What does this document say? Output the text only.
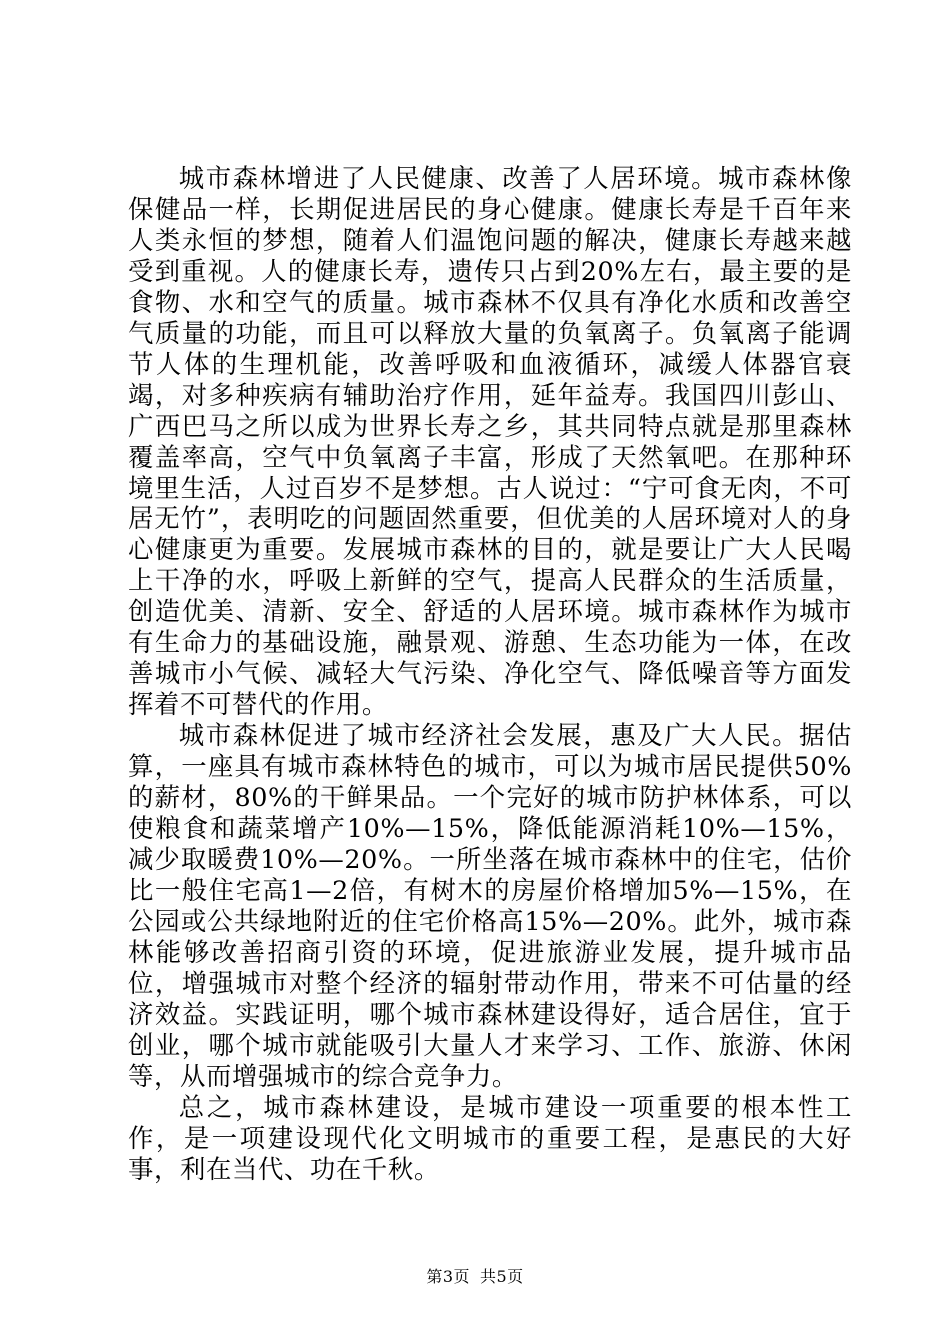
城市森林增进了人民健康、改善了人居环境。城市森林像保健品一样，长期促进居民的身心健康。健康长寿是千百年来人类永恒的梦想，随着人们温饱问题的解决，健康长寿越来越受到重视。人的健康长寿，遗传只占到20%左右，最主要的是食物、水和空气的质量。城市森林不仅具有净化水质和改善空气质量的功能，而且可以释放大量的负氧离子。负氧离子能调节人体的生理机能，改善呼吸和血液循环，减缓人体器官衰竭，对多种疾病有辅助治疗作用，延年益寿。我国四川彭山、广西巴马之所以成为世界长寿之乡，其共同特点就是那里森林覆盖率高，空气中负氧离子丰富，形成了天然氧吧。在那种环境里生活，人过百岁不是梦想。古人说过：“宁可食无肉，不可居无竹”，表明吃的问题固然重要，但优美的人居环境对人的身心健康更为重要。发展城市森林的目的，就是要让广大人民喝上干净的水，呼吸上新鲜的空气，提高人民群众的生活质量，创造优美、清新、安全、舒适的人居环境。城市森林作为城市有生命力的基础设施，融景观、游憩、生态功能为一体，在改善城市小气候、减轻大气污染、净化空气、降低噪音等方面发挥着不可替代的作用。

城市森林促进了城市经济社会发展，惠及广大人民。据估算，一座具有城市森林特色的城市，可以为城市居民提供50%的薪材，80%的干鲜果品。一个完好的城市防护林体系，可以使粮食和蔬菜增产10%—15%，降低能源消耗10%—15%，减少取暖费10%—20%。一所坐落在城市森林中的住宅，估价比一般住宅高1—2倍，有树木的房屋价格增加5%—15%，在公园或公共绿地附近的住宅价格高15%—20%。此外，城市森林能够改善招商引资的环境，促进旅游业发展，提升城市品位，增强城市对整个经济的辐射带动作用，带来不可估量的经济效益。实践证明，哪个城市森林建设得好，适合居住，宜于创业，哪个城市就能吸引大量人才来学习、工作、旅游、休闲等，从而增强城市的综合竞争力。

总之，城市森林建设，是城市建设一项重要的根本性工作，是一项建设现代化文明城市的重要工程，是惠民的大好事，利在当代、功在千秋。

第3页 共5页
